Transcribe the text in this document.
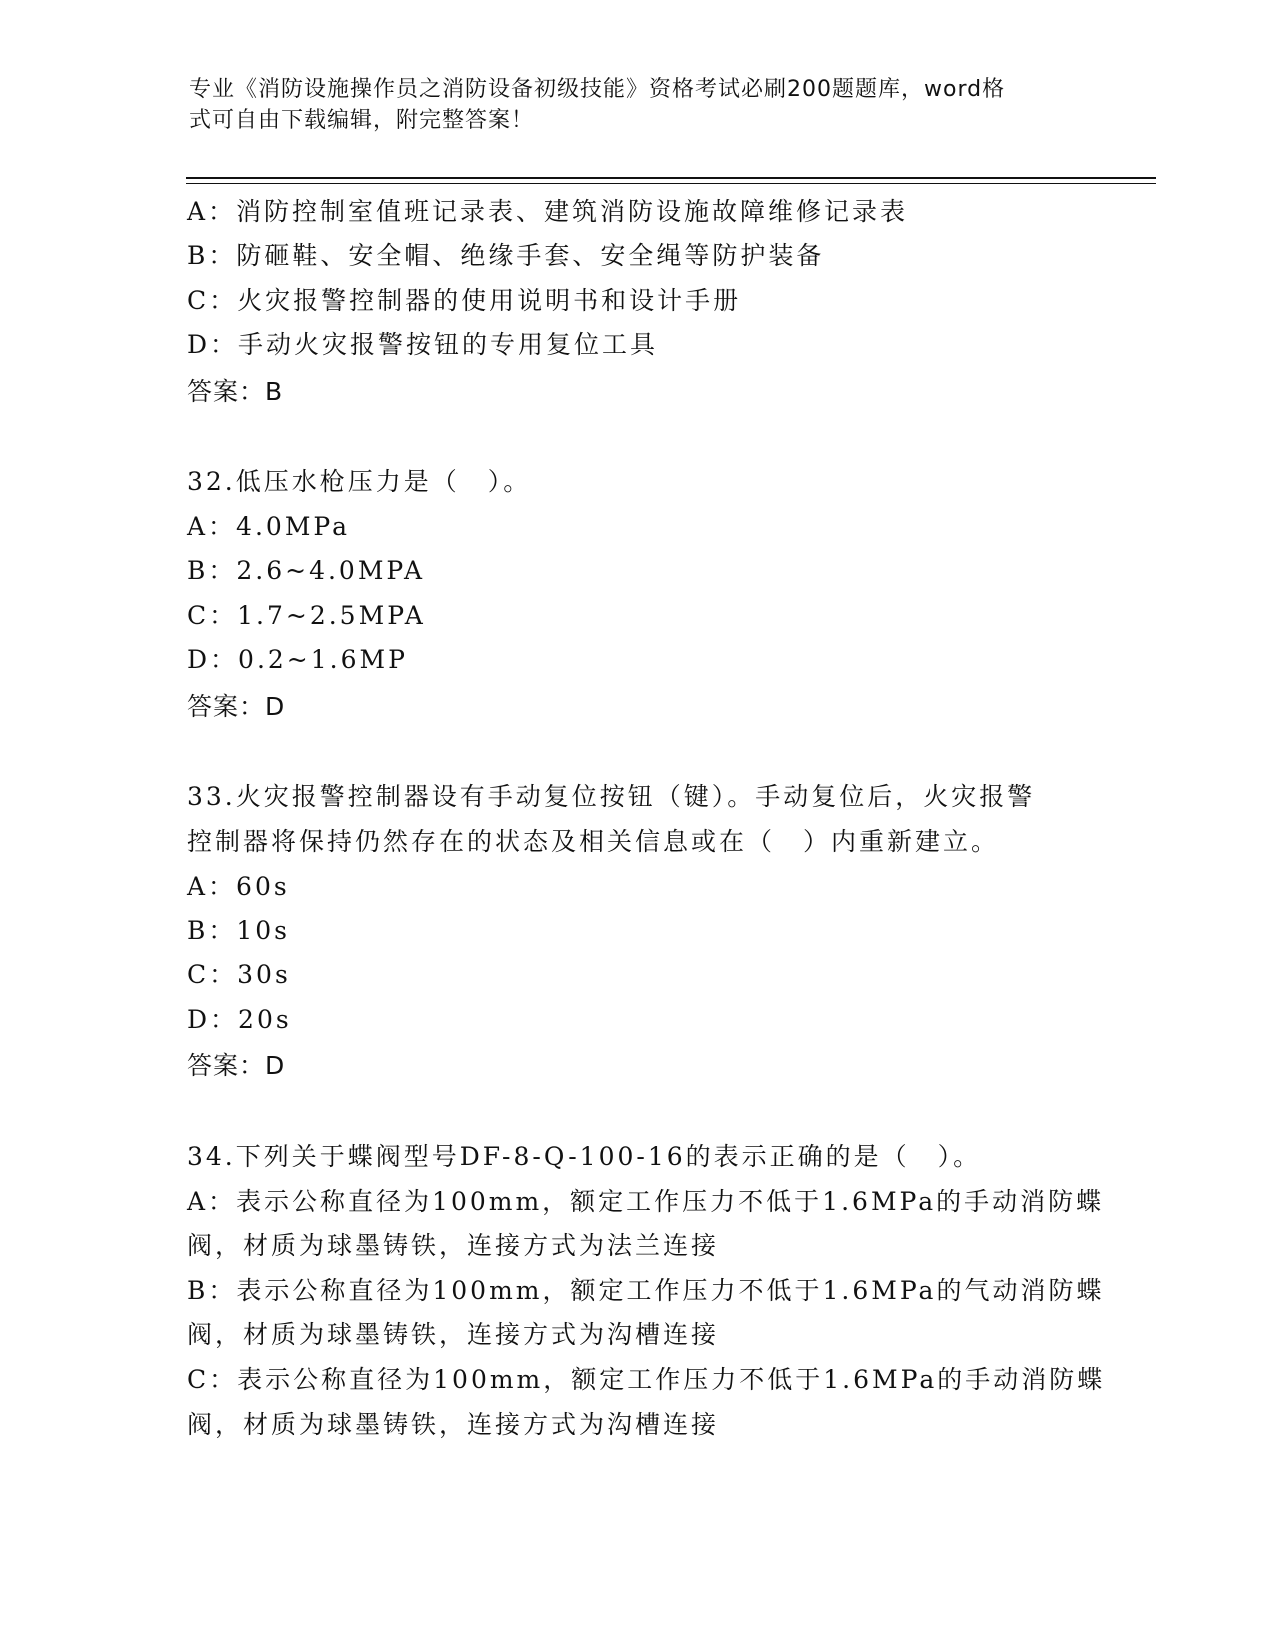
专业《消防设施操作员之消防设备初级技能》资格考试必刷200题题库，word格
式可自由下载编辑，附完整答案！
A：消防控制室值班记录表、建筑消防设施故障维修记录表
B：防砸鞋、安全帽、绝缘手套、安全绳等防护装备
C：火灾报警控制器的使用说明书和设计手册
D：手动火灾报警按钮的专用复位工具
答案：B
32.低压水枪压力是（　）。
A：4.0MPa
B：2.6~4.0MPA
C：1.7~2.5MPA
D：0.2~1.6MP
答案：D
33.火灾报警控制器设有手动复位按钮（键）。手动复位后，火灾报警
控制器将保持仍然存在的状态及相关信息或在（　）内重新建立。
A：60s
B：10s
C：30s
D：20s
答案：D
34.下列关于蝶阀型号DF-8-Q-100-16的表示正确的是（　）。
A：表示公称直径为100mm，额定工作压力不低于1.6MPa的手动消防蝶
阀，材质为球墨铸铁，连接方式为法兰连接
B：表示公称直径为100mm，额定工作压力不低于1.6MPa的气动消防蝶
阀，材质为球墨铸铁，连接方式为沟槽连接
C：表示公称直径为100mm，额定工作压力不低于1.6MPa的手动消防蝶
阀，材质为球墨铸铁，连接方式为沟槽连接
